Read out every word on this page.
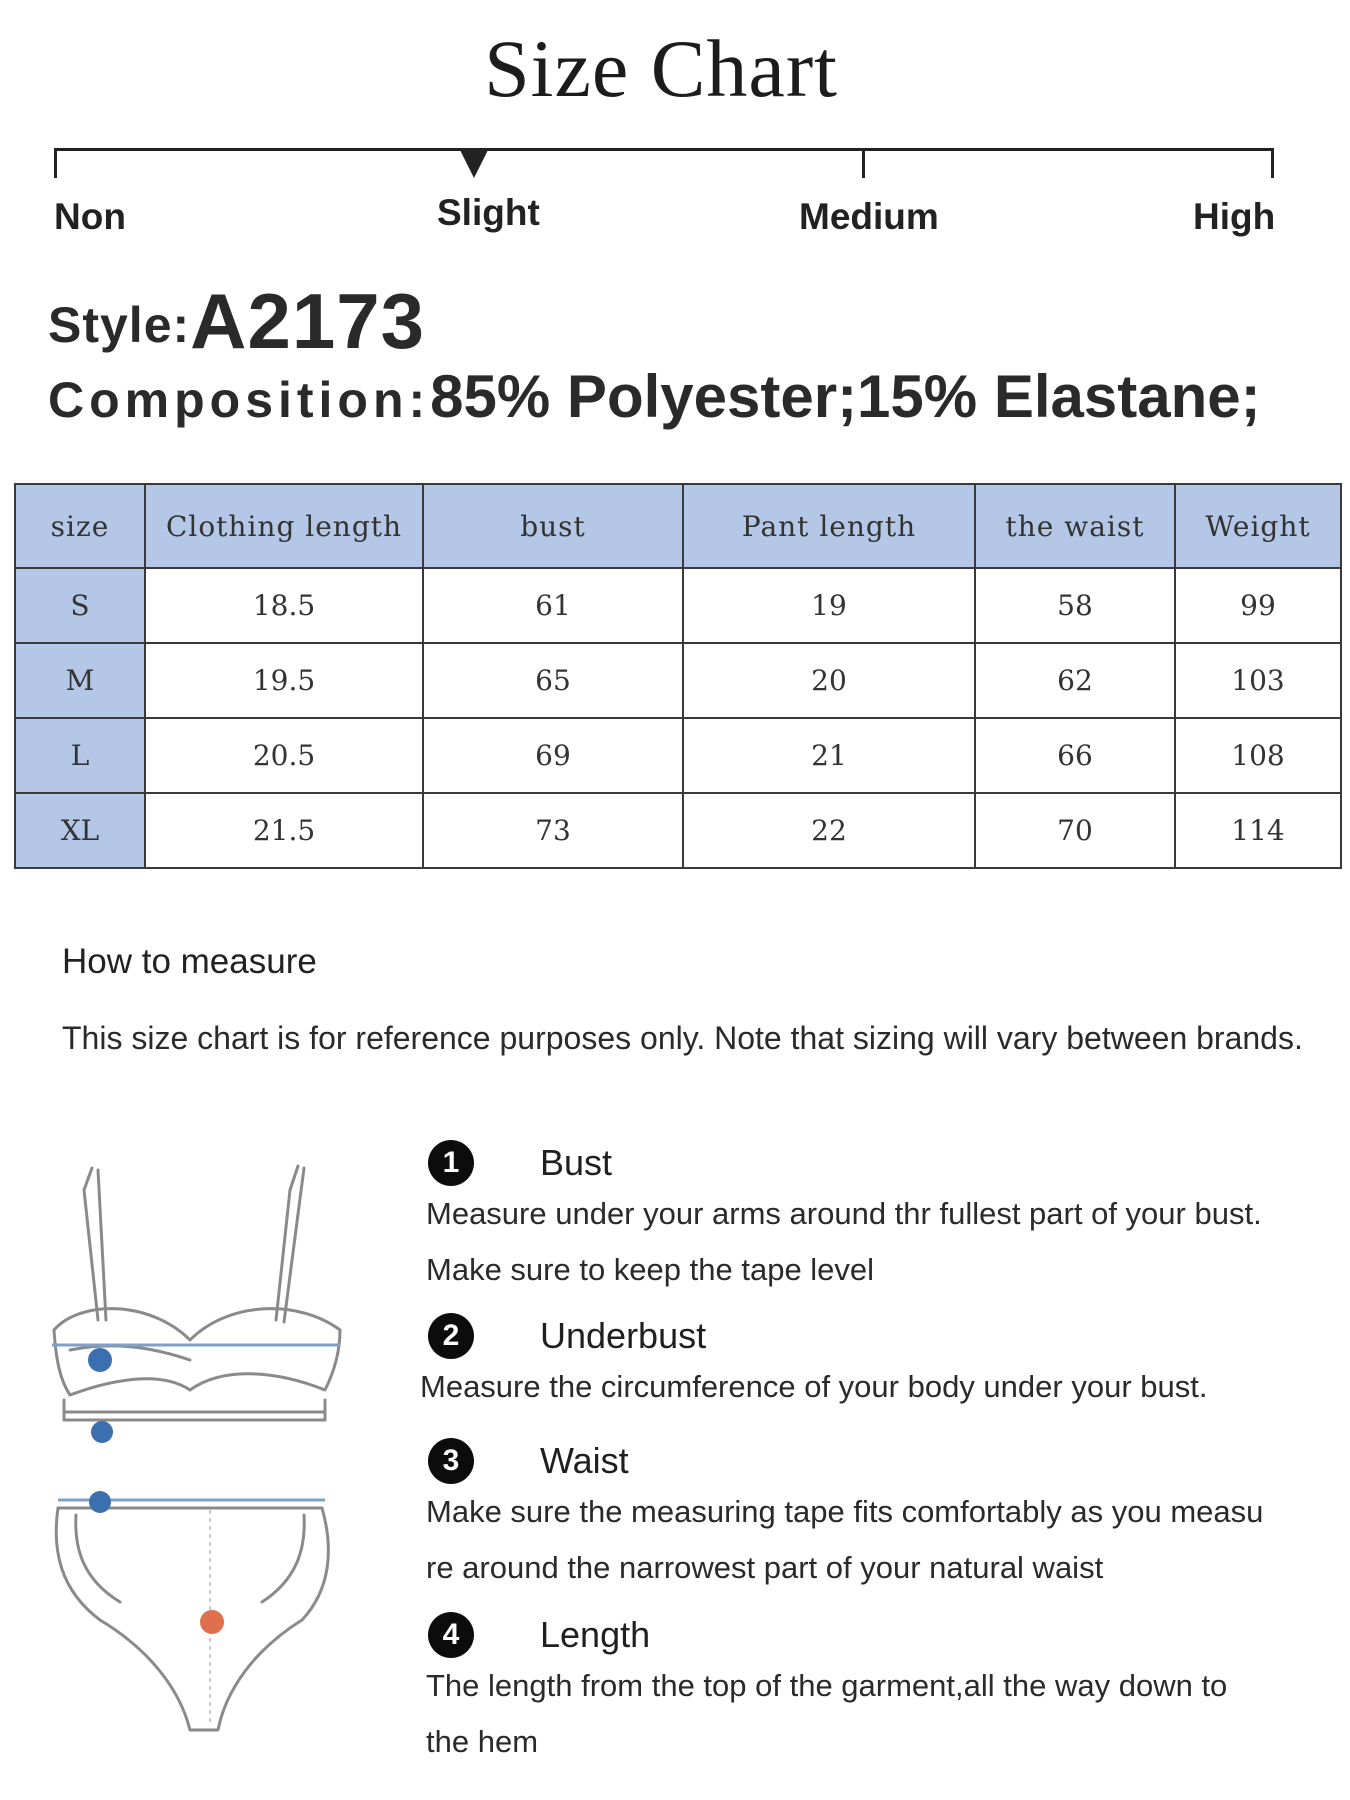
Size Chart
Non	Slight	Medium	High
Style:A2173
Composition:85% Polyester;15% Elastane;
size	Clothing length	bust	Pant length	the waist	Weight
S	18.5	61	19	58	99
M	19.5	65	20	62	103
L	20.5	69	21	66	108
XL	21.5	73	22	70	114
How to measure
This size chart is for reference purposes only. Note that sizing will vary between brands.
1	Bust
Measure under your arms around thr fullest part of your bust.
Make sure to keep the tape level
2	Underbust
Measure the circumference of your body under your bust.
3	Waist
Make sure the measuring tape fits comfortably as you measu
re around the narrowest part of your natural waist
4	Length
The length from the top of the garment,all the way down to
the hem
